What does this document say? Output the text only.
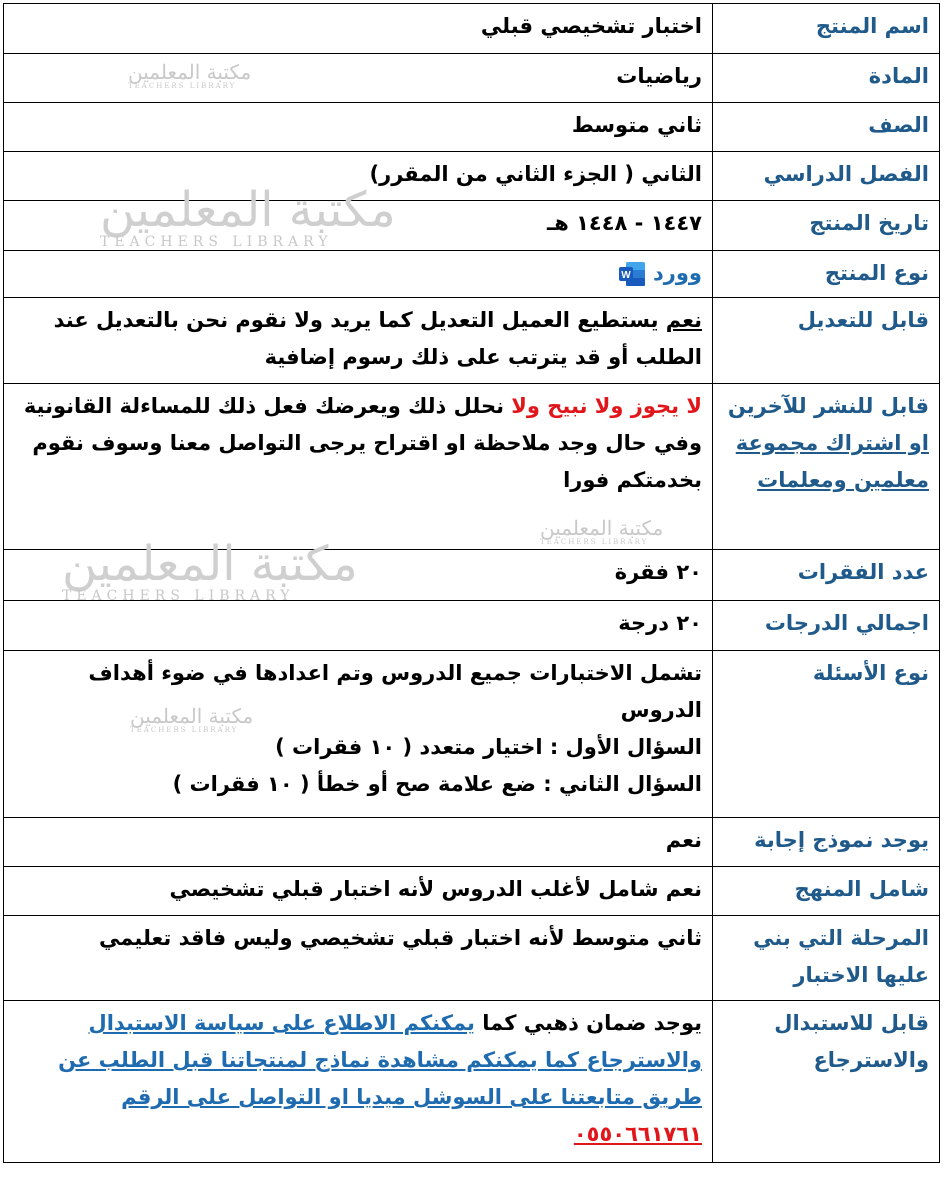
اسم المنتج	اختبار تشخيصي قبلي
المادة	رياضيات
الصف	ثاني متوسط
الفصل الدراسي	الثاني ( الجزء الثاني من المقرر)
تاريخ المنتج	١٤٤٧ - ١٤٤٨ هـ
نوع المنتج	وورد
W

قابل للتعديل	نعم يستطيع العميل التعديل كما يريد ولا نقوم نحن بالتعديل عند الطلب أو قد يترتب على ذلك رسوم إضافية
قابل للنشر للآخرين او اشتراك مجموعة معلمين ومعلمات	لا يجوز ولا نبيح ولا نحلل ذلك ويعرضك فعل ذلك للمساءلة القانونية وفي حال وجد ملاحظة او اقتراح يرجى التواصل معنا وسوف نقوم بخدمتكم فورا
عدد الفقرات	٢٠ فقرة
اجمالي الدرجات	٢٠ درجة
نوع الأسئلة	تشمل الاختبارات جميع الدروس وتم اعدادها في ضوء أهداف الدروس
السؤال الأول : اختيار متعدد ( ١٠ فقرات )
السؤال الثاني : ضع علامة صح أو خطأ ( ١٠ فقرات )

يوجد نموذج إجابة	نعم
شامل المنهج	نعم شامل لأغلب الدروس لأنه اختبار قبلي تشخيصي
المرحلة التي بني عليها الاختبار	ثاني متوسط لأنه اختبار قبلي تشخيصي وليس فاقد تعليمي
قابل للاستبدال والاسترجاع	يوجد ضمان ذهبي كما يمكنكم الاطلاع على سياسة الاستبدال والاسترجاع كما يمكنكم مشاهدة نماذج لمنتجاتنا قبل الطلب عن طريق متابعتنا على السوشل ميديا او التواصل على الرقم
٠٥٥٠٦٦١٧٦١
مكتبة المعلمين
TEACHERS LIBRARY
مكتبة المعلمين
TEACHERS LIBRARY
مكتبة المعلمين
TEACHERS LIBRARY
مكتبة المعلمين
TEACHERS LIBRARY
مكتبة المعلمين
TEACHERS LIBRARY
